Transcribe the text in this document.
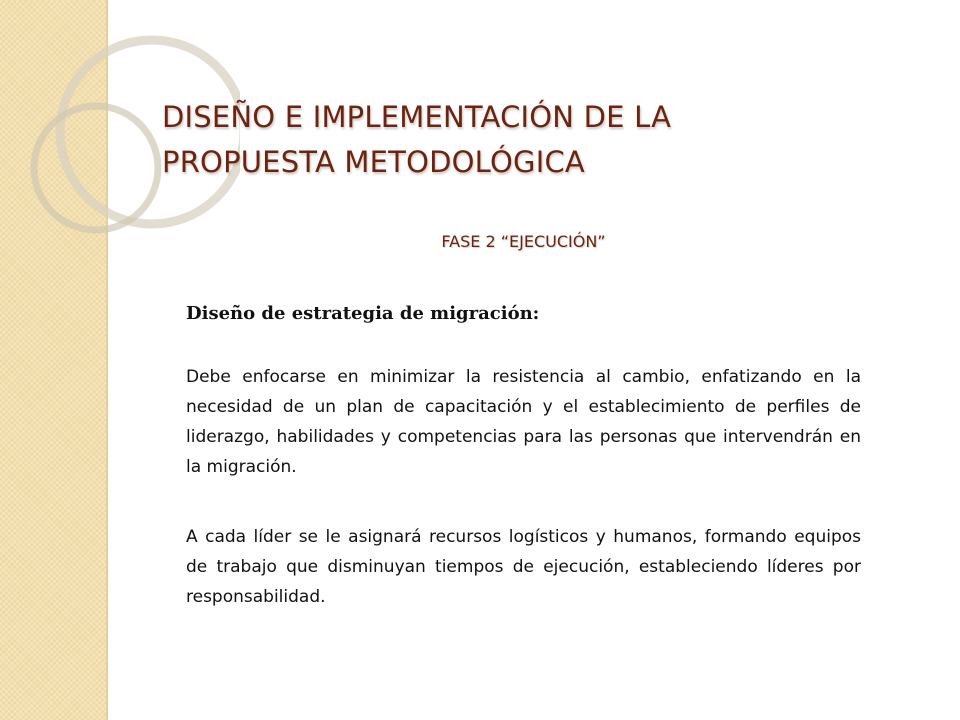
DISEÑO E IMPLEMENTACIÓN DE LA
PROPUESTA METODOLÓGICA

FASE 2 “EJECUCIÓN”

Diseño de estrategia de migración:

Debe enfocarse en minimizar la resistencia al cambio, enfatizando en la necesidad de un plan de capacitación y el establecimiento de perfiles de liderazgo, habilidades y competencias para las personas que intervendrán en la migración.

A cada líder se le asignará recursos logísticos y humanos, formando equipos de trabajo que disminuyan tiempos de ejecución, estableciendo líderes por responsabilidad.
